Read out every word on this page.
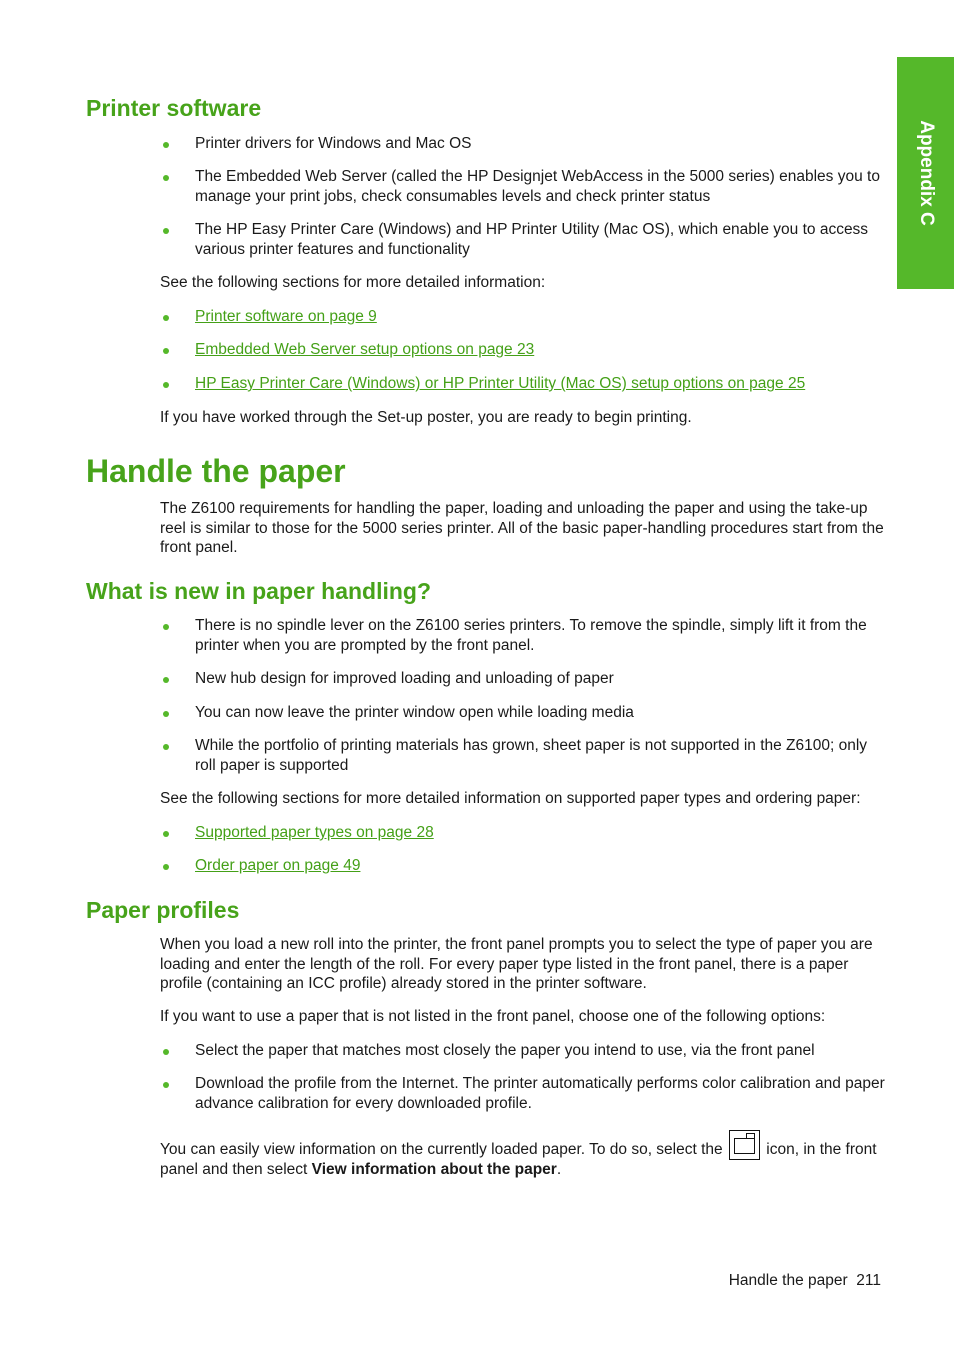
Appendix C
Printer software
Printer drivers for Windows and Mac OS
The Embedded Web Server (called the HP Designjet WebAccess in the 5000 series) enables you to manage your print jobs, check consumables levels and check printer status
The HP Easy Printer Care (Windows) and HP Printer Utility (Mac OS), which enable you to access various printer features and functionality

See the following sections for more detailed information:

Printer software on page 9
Embedded Web Server setup options on page 23
HP Easy Printer Care (Windows) or HP Printer Utility (Mac OS) setup options on page 25

If you have worked through the Set-up poster, you are ready to begin printing.

Handle the paper

The Z6100 requirements for handling the paper, loading and unloading the paper and using the take-up reel is similar to those for the 5000 series printer. All of the basic paper-handling procedures start from the front panel.

What is new in paper handling?
There is no spindle lever on the Z6100 series printers. To remove the spindle, simply lift it from the printer when you are prompted by the front panel.
New hub design for improved loading and unloading of paper
You can now leave the printer window open while loading media
While the portfolio of printing materials has grown, sheet paper is not supported in the Z6100; only roll paper is supported

See the following sections for more detailed information on supported paper types and ordering paper:

Supported paper types on page 28
Order paper on page 49
Paper profiles

When you load a new roll into the printer, the front panel prompts you to select the type of paper you are loading and enter the length of the roll. For every paper type listed in the front panel, there is a paper profile (containing an ICC profile) already stored in the printer software.

If you want to use a paper that is not listed in the front panel, choose one of the following options:

Select the paper that matches most closely the paper you intend to use, via the front panel
Download the profile from the Internet. The printer automatically performs color calibration and paper advance calibration for every downloaded profile.

You can easily view information on the currently loaded paper. To do so, select the  icon, in the front panel and then select View information about the paper.

Handle the paper 211
